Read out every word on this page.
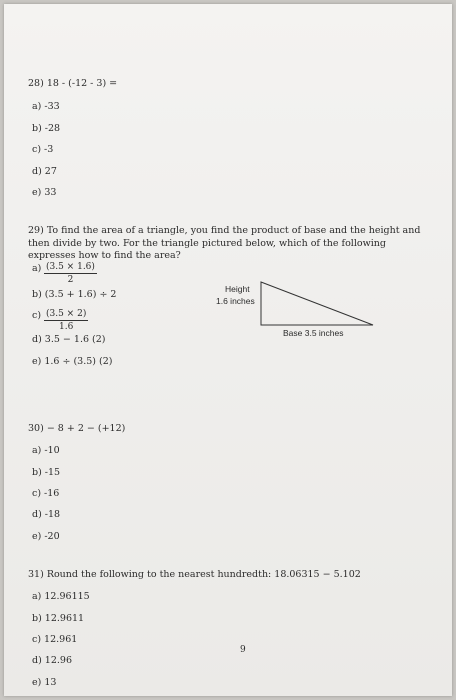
28) 18 - (-12 - 3) =
a) -33
b) -28
c) -3
d) 27
e) 33
29) To find the area of a triangle, you find the product of base and the height and then divide by two. For the triangle pictured below, which of the following expresses how to find the area?
$a) \frac{(3.5 \times 1.6)}{2}$
b) (3.5 + 1.6) ÷ 2
$c) \frac{(3.5 \times 2)}{1.6}$
d) 3.5 − 1.6 (2)
e) 1.6 ÷ (3.5) (2)
Height
1.6 inches
Base 3.5 inches
30) − 8 + 2 − (+12)
a) -10
b) -15
c) -16
d) -18
e) -20
31) Round the following to the nearest hundredth: 18.06315 − 5.102
a) 12.96115
b) 12.9611
c) 12.961
d) 12.96
e) 13
9
